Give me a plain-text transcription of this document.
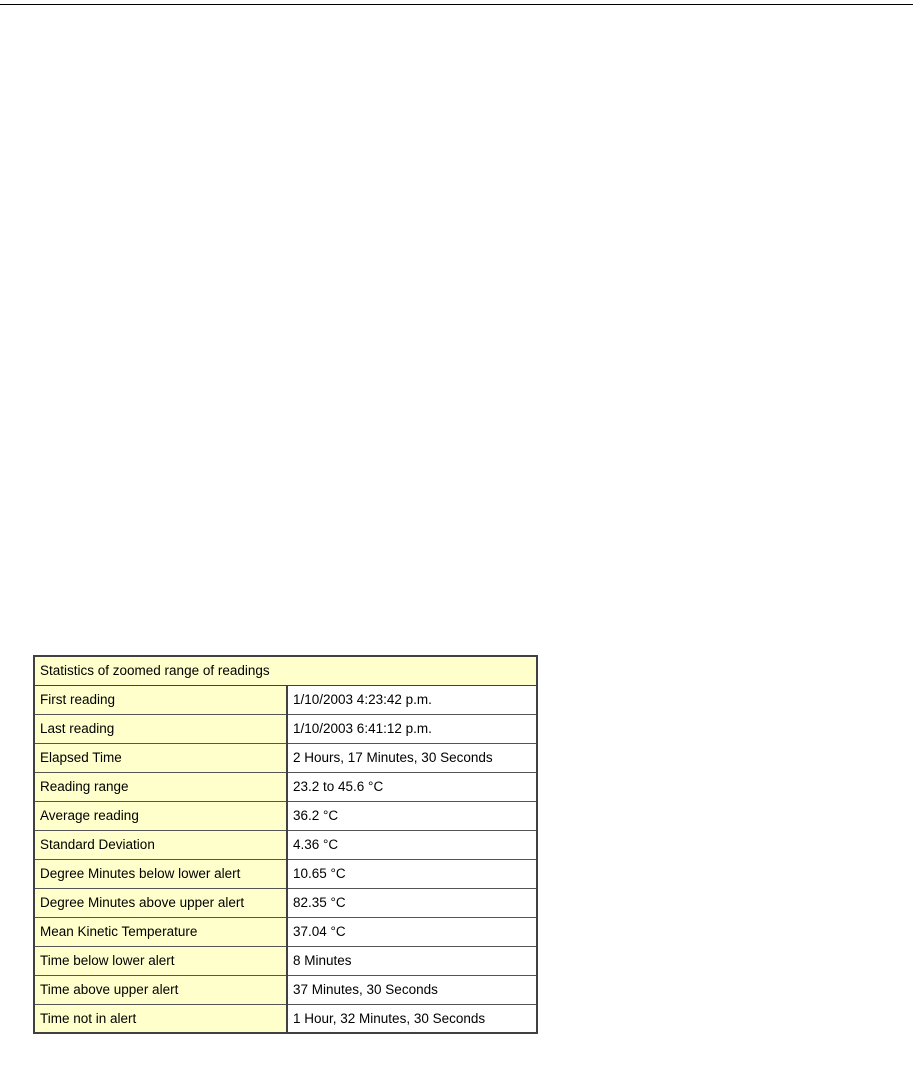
Statistics of zoomed range of readings	
First reading	1/10/2003 4:23:42 p.m.
Last reading	1/10/2003 6:41:12 p.m.
Elapsed Time	2 Hours, 17 Minutes, 30 Seconds
Reading range	23.2 to 45.6 °C
Average reading	36.2 °C
Standard Deviation	4.36 °C
Degree Minutes below lower alert	10.65 °C
Degree Minutes above upper alert	82.35 °C
Mean Kinetic Temperature	37.04 °C
Time below lower alert	8 Minutes
Time above upper alert	37 Minutes, 30 Seconds
Time not in alert	1 Hour, 32 Minutes, 30 Seconds
